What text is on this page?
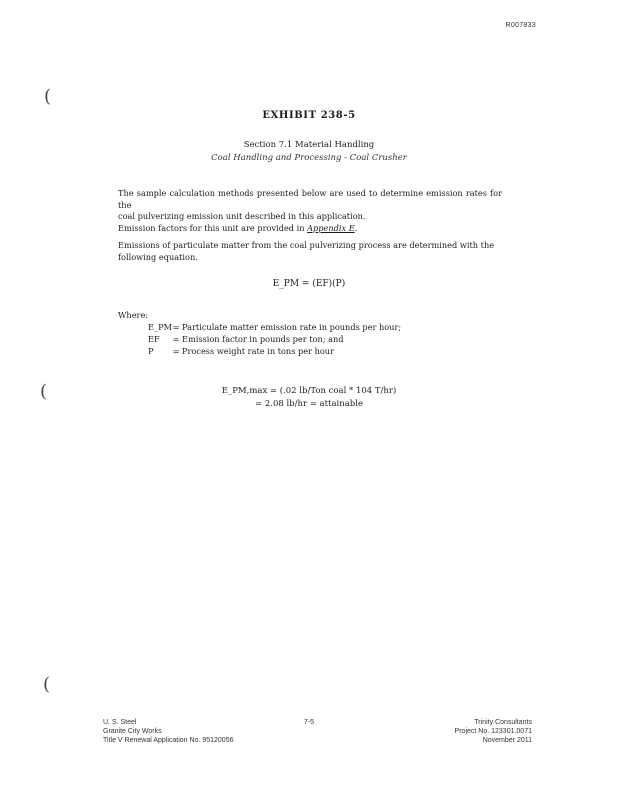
R007833
(
(
(
EXHIBIT 238-5
Section 7.1 Material Handling
Coal Handling and Processing - Coal Crusher
The sample calculation methods presented below are used to determine emission rates for the
coal pulverizing emission unit described in this application.
Emission factors for this unit are provided in Appendix E.
Emissions of particulate matter from the coal pulverizing process are determined with the
following equation.
E_PM = (EF)(P)
Where:
E_PM = Particulate matter emission rate in pounds per hour;
EF	= Emission factor in pounds per ton; and
P	= Process weight rate in tons per hour
E_PM,max = (.02 lb/Ton coal * 104 T/hr)
= 2.08 lb/hr = attainable
U. S. Steel
Granite City Works
Title V Renewal Application No. 95120056
7-5	Trinity Consultants
Project No. 123301.0071
November 2011
